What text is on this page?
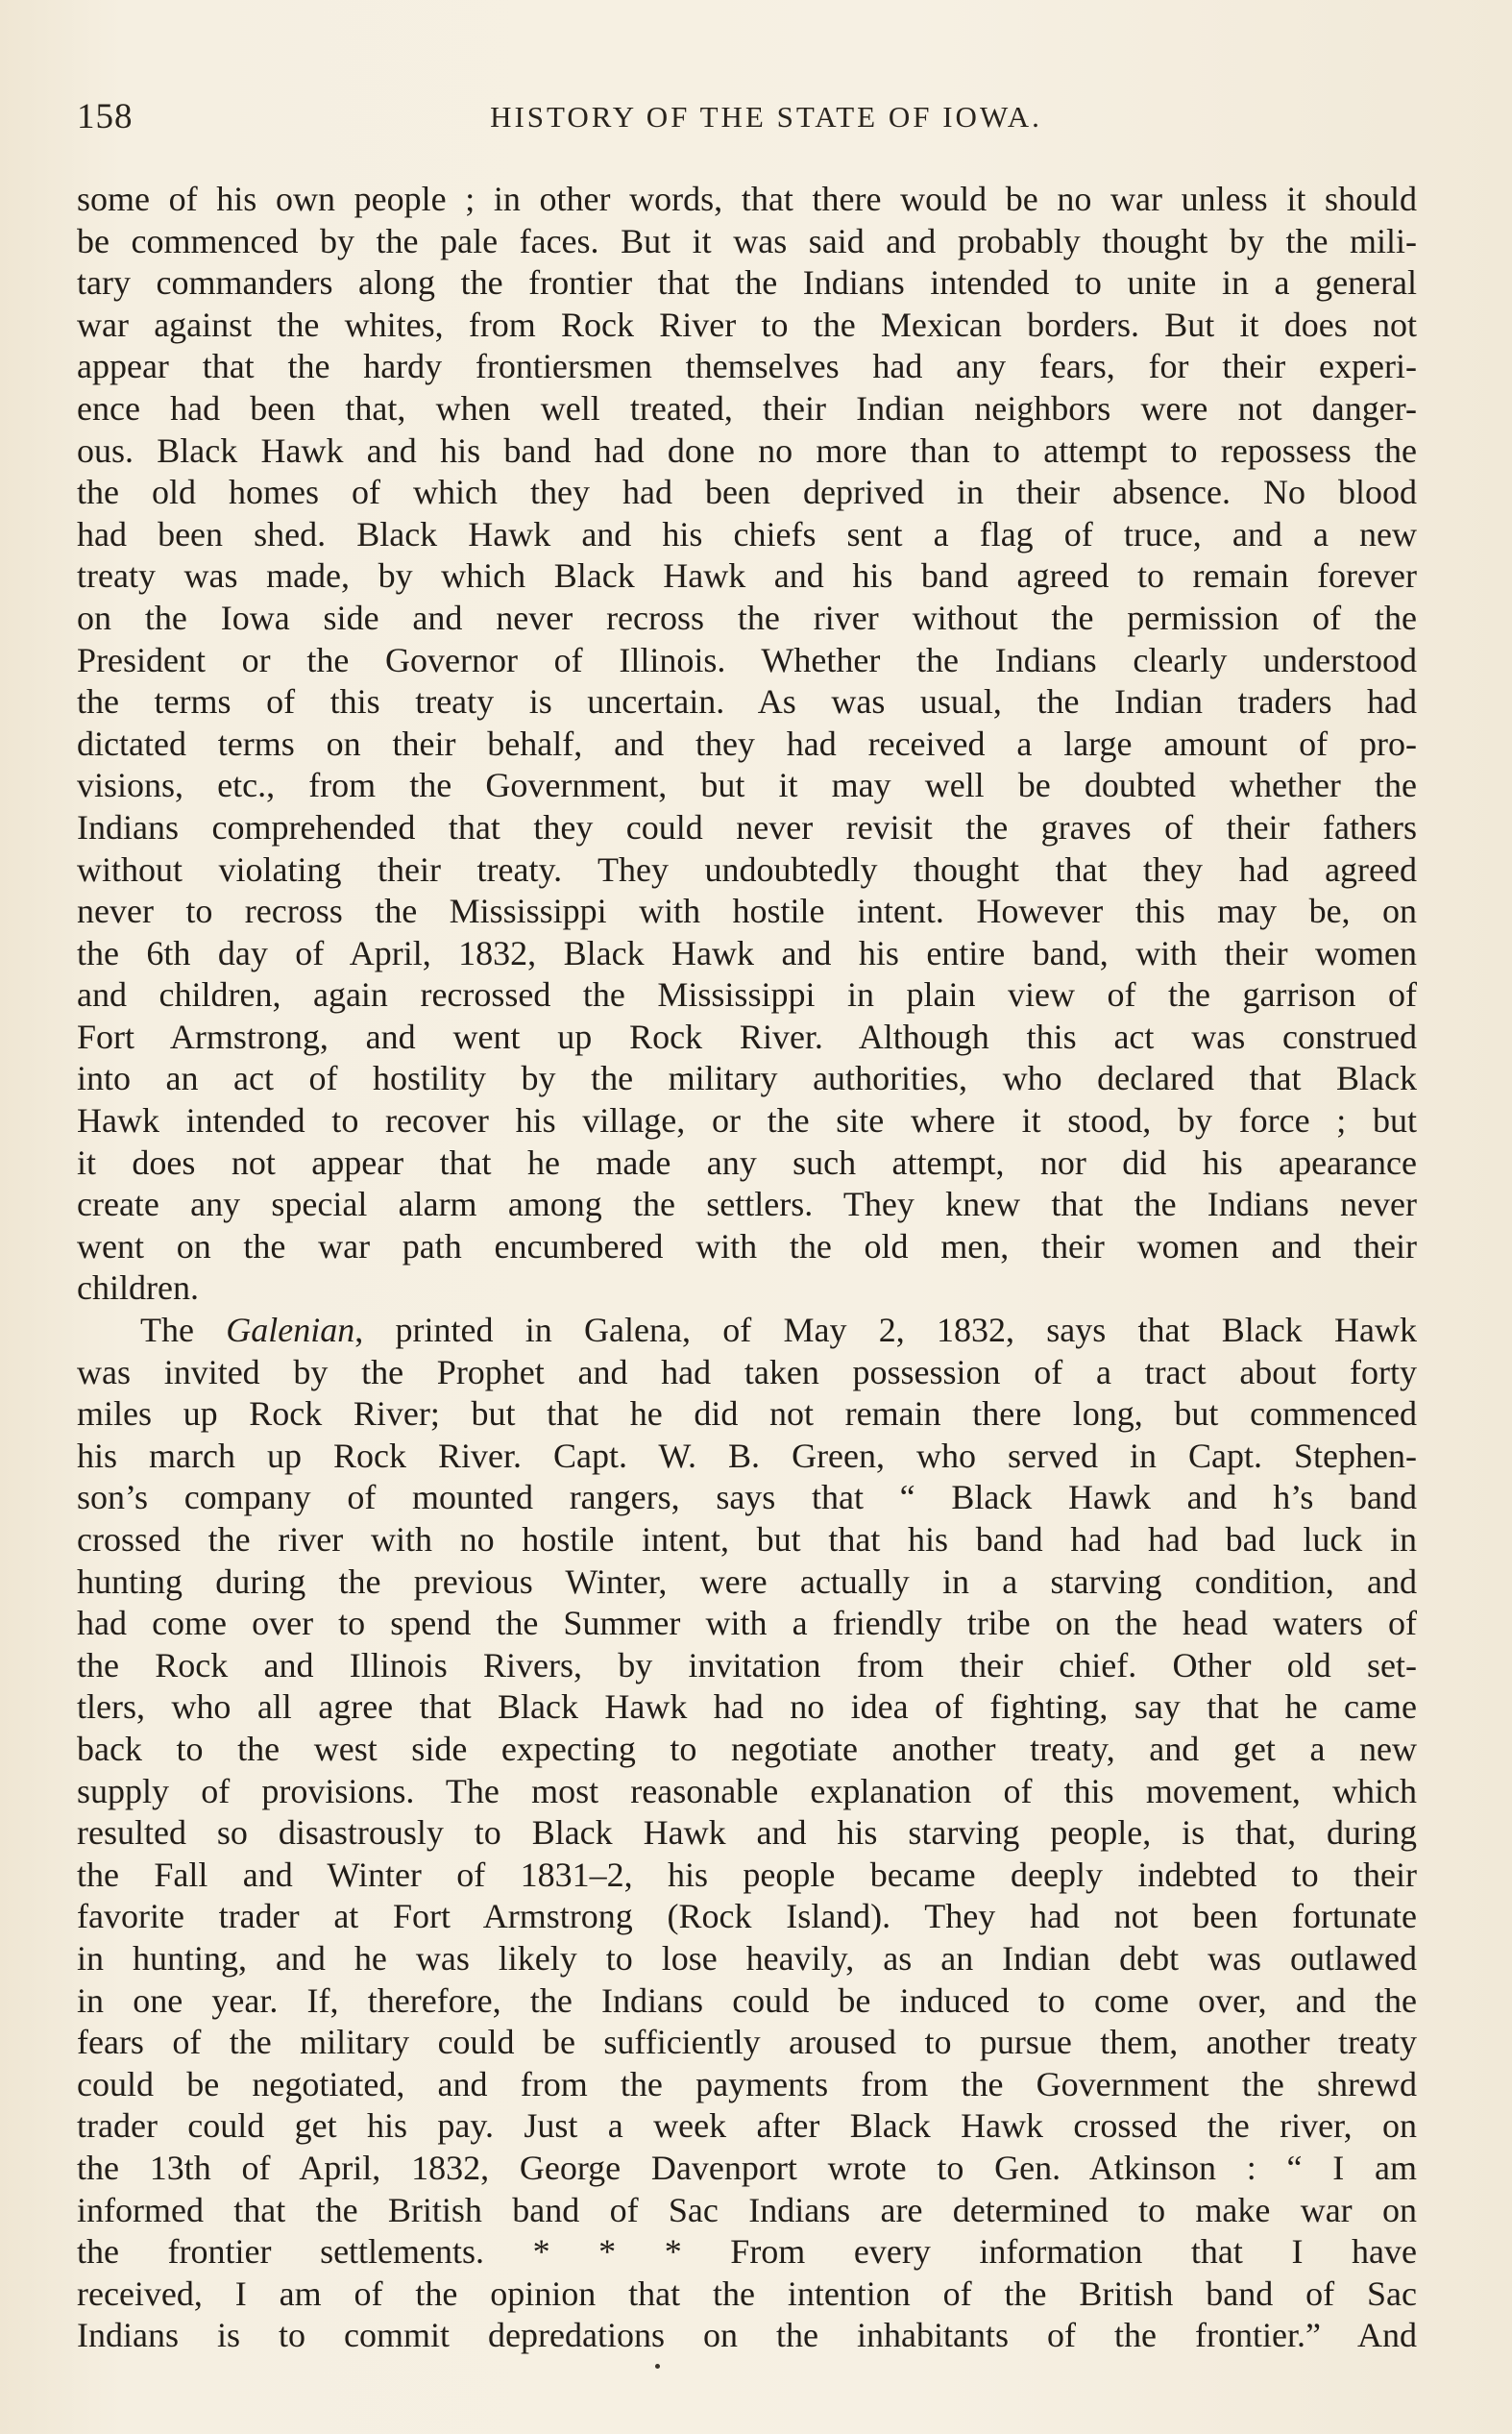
158	HISTORY OF THE STATE OF IOWA.
some of his own people ; in other words, that there would be no war unless it should
be commenced by the pale faces. But it was said and probably thought by the mili-
tary commanders along the frontier that the Indians intended to unite in a general
war against the whites, from Rock River to the Mexican borders. But it does not
appear that the hardy frontiersmen themselves had any fears, for their experi-
ence had been that, when well treated, their Indian neighbors were not danger-
ous. Black Hawk and his band had done no more than to attempt to repossess the
the old homes of which they had been deprived in their absence. No blood
had been shed. Black Hawk and his chiefs sent a flag of truce, and a new
treaty was made, by which Black Hawk and his band agreed to remain forever
on the Iowa side and never recross the river without the permission of the
President or the Governor of Illinois. Whether the Indians clearly understood
the terms of this treaty is uncertain. As was usual, the Indian traders had
dictated terms on their behalf, and they had received a large amount of pro-
visions, etc., from the Government, but it may well be doubted whether the
Indians comprehended that they could never revisit the graves of their fathers
without violating their treaty. They undoubtedly thought that they had agreed
never to recross the Mississippi with hostile intent. However this may be, on
the 6th day of April, 1832, Black Hawk and his entire band, with their women
and children, again recrossed the Mississippi in plain view of the garrison of
Fort Armstrong, and went up Rock River. Although this act was construed
into an act of hostility by the military authorities, who declared that Black
Hawk intended to recover his village, or the site where it stood, by force ; but
it does not appear that he made any such attempt, nor did his apearance
create any special alarm among the settlers. They knew that the Indians never
went on the war path encumbered with the old men, their women and their
children.
The Galenian, printed in Galena, of May 2, 1832, says that Black Hawk
was invited by the Prophet and had taken possession of a tract about forty
miles up Rock River; but that he did not remain there long, but commenced
his march up Rock River. Capt. W. B. Green, who served in Capt. Stephen-
son’s company of mounted rangers, says that “ Black Hawk and h’s band
crossed the river with no hostile intent, but that his band had had bad luck in
hunting during the previous Winter, were actually in a starving condition, and
had come over to spend the Summer with a friendly tribe on the head waters of
the Rock and Illinois Rivers, by invitation from their chief. Other old set-
tlers, who all agree that Black Hawk had no idea of fighting, say that he came
back to the west side expecting to negotiate another treaty, and get a new
supply of provisions. The most reasonable explanation of this movement, which
resulted so disastrously to Black Hawk and his starving people, is that, during
the Fall and Winter of 1831–2, his people became deeply indebted to their
favorite trader at Fort Armstrong (Rock Island). They had not been fortunate
in hunting, and he was likely to lose heavily, as an Indian debt was outlawed
in one year. If, therefore, the Indians could be induced to come over, and the
fears of the military could be sufficiently aroused to pursue them, another treaty
could be negotiated, and from the payments from the Government the shrewd
trader could get his pay. Just a week after Black Hawk crossed the river, on
the 13th of April, 1832, George Davenport wrote to Gen. Atkinson : “ I am
informed that the British band of Sac Indians are determined to make war on
the frontier settlements. * * * From every information that I have
received, I am of the opinion that the intention of the British band of Sac
Indians is to commit depredations on the inhabitants of the frontier.” And
